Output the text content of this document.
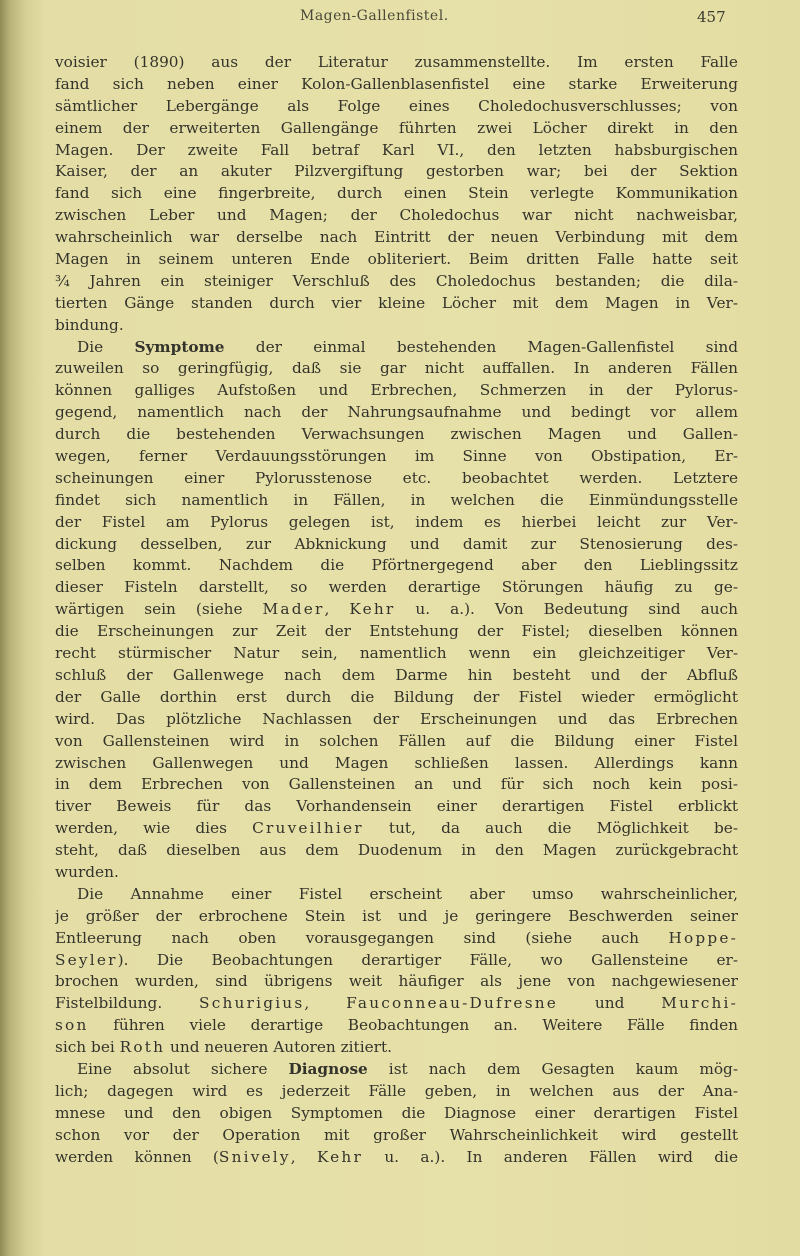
Magen-Gallenfistel.	457
voisier (1890) aus der Literatur zusammenstellte. Im ersten Falle
fand sich neben einer Kolon-Gallenblasenfistel eine starke Erweiterung
sämtlicher Lebergänge als Folge eines Choledochusverschlusses; von
einem der erweiterten Gallengänge führten zwei Löcher direkt in den
Magen. Der zweite Fall betraf Karl VI., den letzten habsburgischen
Kaiser, der an akuter Pilzvergiftung gestorben war; bei der Sektion
fand sich eine fingerbreite, durch einen Stein verlegte Kommunikation
zwischen Leber und Magen; der Choledochus war nicht nachweisbar,
wahrscheinlich war derselbe nach Eintritt der neuen Verbindung mit dem
Magen in seinem unteren Ende obliteriert. Beim dritten Falle hatte seit
¾ Jahren ein steiniger Verschluß des Choledochus bestanden; die dila-
tierten Gänge standen durch vier kleine Löcher mit dem Magen in Ver-
bindung.
Die Symptome der einmal bestehenden Magen-Gallenfistel sind
zuweilen so geringfügig, daß sie gar nicht auffallen. In anderen Fällen
können galliges Aufstoßen und Erbrechen, Schmerzen in der Pylorus-
gegend, namentlich nach der Nahrungsaufnahme und bedingt vor allem
durch die bestehenden Verwachsungen zwischen Magen und Gallen-
wegen, ferner Verdauungsstörungen im Sinne von Obstipation, Er-
scheinungen einer Pylorusstenose etc. beobachtet werden. Letztere
findet sich namentlich in Fällen, in welchen die Einmündungsstelle
der Fistel am Pylorus gelegen ist, indem es hierbei leicht zur Ver-
dickung desselben, zur Abknickung und damit zur Stenosierung des-
selben kommt. Nachdem die Pförtnergegend aber den Lieblingssitz
dieser Fisteln darstellt, so werden derartige Störungen häufig zu ge-
wärtigen sein (siehe Mader, Kehr u. a.). Von Bedeutung sind auch
die Erscheinungen zur Zeit der Entstehung der Fistel; dieselben können
recht stürmischer Natur sein, namentlich wenn ein gleichzeitiger Ver-
schluß der Gallenwege nach dem Darme hin besteht und der Abfluß
der Galle dorthin erst durch die Bildung der Fistel wieder ermöglicht
wird. Das plötzliche Nachlassen der Erscheinungen und das Erbrechen
von Gallensteinen wird in solchen Fällen auf die Bildung einer Fistel
zwischen Gallenwegen und Magen schließen lassen. Allerdings kann
in dem Erbrechen von Gallensteinen an und für sich noch kein posi-
tiver Beweis für das Vorhandensein einer derartigen Fistel erblickt
werden, wie dies Cruveilhier tut, da auch die Möglichkeit be-
steht, daß dieselben aus dem Duodenum in den Magen zurückgebracht
wurden.
Die Annahme einer Fistel erscheint aber umso wahrscheinlicher,
je größer der erbrochene Stein ist und je geringere Beschwerden seiner
Entleerung nach oben vorausgegangen sind (siehe auch Hoppe-
Seyler). Die Beobachtungen derartiger Fälle, wo Gallensteine er-
brochen wurden, sind übrigens weit häufiger als jene von nachgewiesener
Fistelbildung. Schurigius, Fauconneau-Dufresne und Murchi-
son führen viele derartige Beobachtungen an. Weitere Fälle finden
sich bei Roth und neueren Autoren zitiert.
Eine absolut sichere Diagnose ist nach dem Gesagten kaum mög-
lich; dagegen wird es jederzeit Fälle geben, in welchen aus der Ana-
mnese und den obigen Symptomen die Diagnose einer derartigen Fistel
schon vor der Operation mit großer Wahrscheinlichkeit wird gestellt
werden können (Snively, Kehr u. a.). In anderen Fällen wird die
